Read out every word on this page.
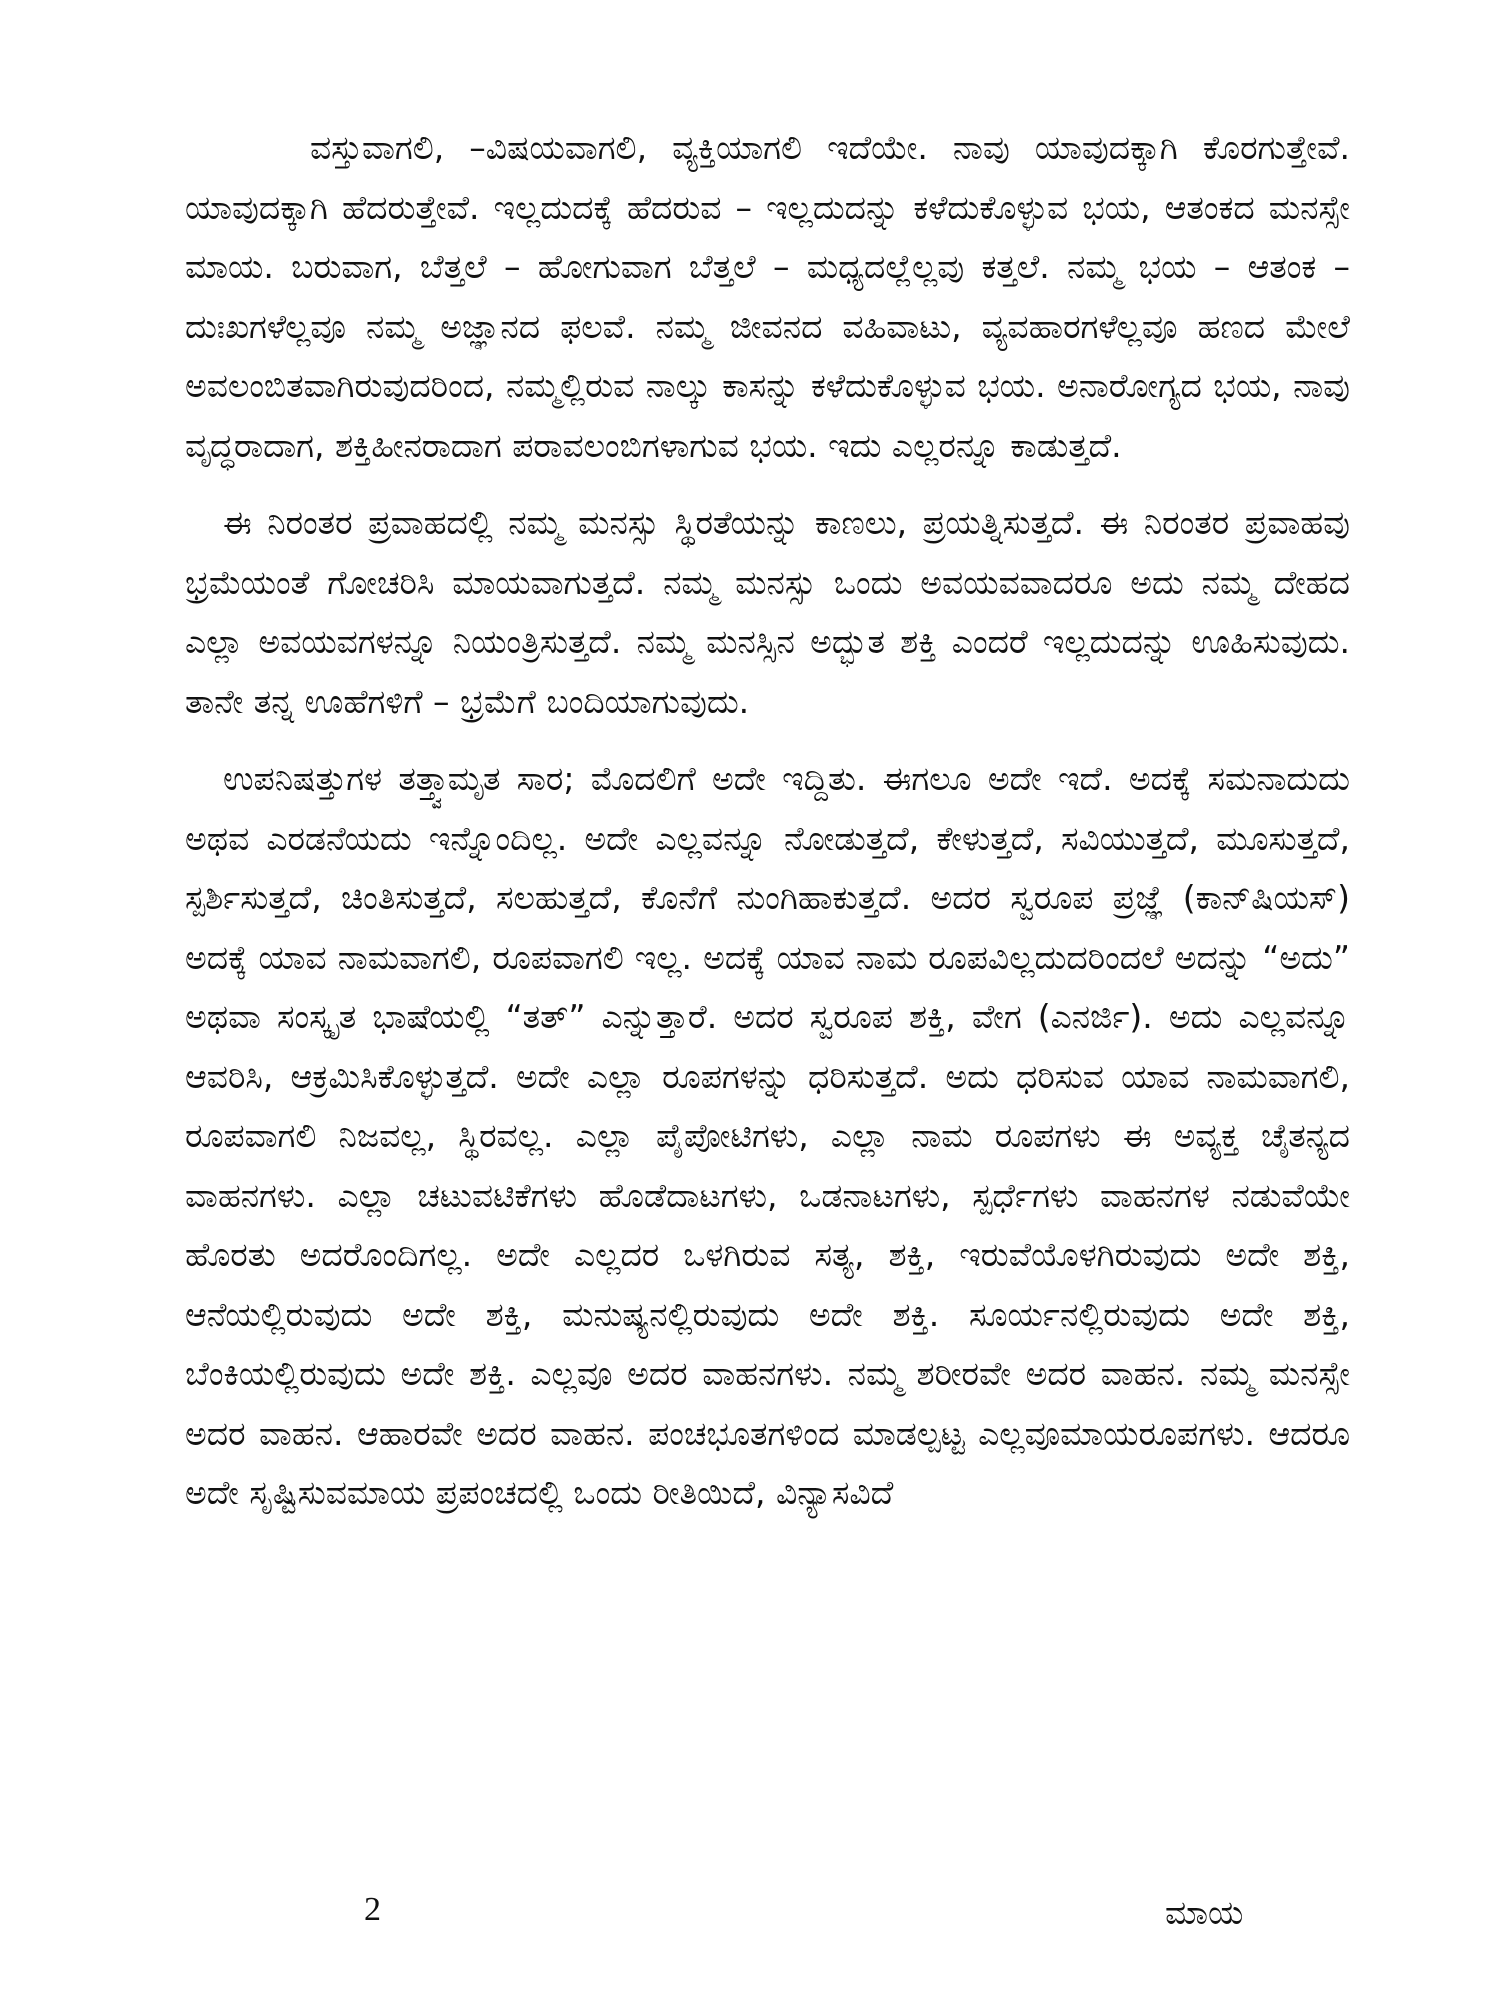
ವಸ್ತುವಾಗಲಿ, –ವಿಷಯವಾಗಲಿ, ವ್ಯಕ್ತಿಯಾಗಲಿ ಇದೆಯೇ. ನಾವು ಯಾವುದಕ್ಕಾಗಿ ಕೊರಗುತ್ತೇವೆ. ಯಾವುದಕ್ಕಾಗಿ ಹೆದರುತ್ತೇವೆ. ಇಲ್ಲದುದಕ್ಕೆ ಹೆದರುವ – ಇಲ್ಲದುದನ್ನು ಕಳೆದುಕೊಳ್ಳುವ ಭಯ, ಆತಂಕದ ಮನಸ್ಸೇ ಮಾಯ. ಬರುವಾಗ, ಬೆತ್ತಲೆ – ಹೋಗುವಾಗ ಬೆತ್ತಲೆ – ಮಧ್ಯದಲ್ಲೆಲ್ಲವು ಕತ್ತಲೆ. ನಮ್ಮ ಭಯ – ಆತಂಕ – ದುಃಖಗಳೆಲ್ಲವೂ ನಮ್ಮ ಅಜ್ಞಾನದ ಫಲವೆ. ನಮ್ಮ ಜೀವನದ ವಹಿವಾಟು, ವ್ಯವಹಾರಗಳೆಲ್ಲವೂ ಹಣದ ಮೇಲೆ ಅವಲಂಬಿತವಾಗಿರುವುದರಿಂದ, ನಮ್ಮಲ್ಲಿರುವ ನಾಲ್ಕು ಕಾಸನ್ನು ಕಳೆದುಕೊಳ್ಳುವ ಭಯ. ಅನಾರೋಗ್ಯದ ಭಯ, ನಾವು ವೃದ್ಧರಾದಾಗ, ಶಕ್ತಿಹೀನರಾದಾಗ ಪರಾವಲಂಬಿಗಳಾಗುವ ಭಯ. ಇದು ಎಲ್ಲರನ್ನೂ ಕಾಡುತ್ತದೆ.

ಈ ನಿರಂತರ ಪ್ರವಾಹದಲ್ಲಿ ನಮ್ಮ ಮನಸ್ಸು ಸ್ಥಿರತೆಯನ್ನು ಕಾಣಲು, ಪ್ರಯತ್ನಿಸುತ್ತದೆ. ಈ ನಿರಂತರ ಪ್ರವಾಹವು ಭ್ರಮೆಯಂತೆ ಗೋಚರಿಸಿ ಮಾಯವಾಗುತ್ತದೆ. ನಮ್ಮ ಮನಸ್ಸು ಒಂದು ಅವಯವವಾದರೂ ಅದು ನಮ್ಮ ದೇಹದ ಎಲ್ಲಾ ಅವಯವಗಳನ್ನೂ ನಿಯಂತ್ರಿಸುತ್ತದೆ. ನಮ್ಮ ಮನಸ್ಸಿನ ಅದ್ಭುತ ಶಕ್ತಿ ಎಂದರೆ ಇಲ್ಲದುದನ್ನು ಊಹಿಸುವುದು. ತಾನೇ ತನ್ನ ಊಹೆಗಳಿಗೆ – ಭ್ರಮೆಗೆ ಬಂದಿಯಾಗುವುದು.

ಉಪನಿಷತ್ತುಗಳ ತತ್ತ್ವಾಮೃತ ಸಾರ; ಮೊದಲಿಗೆ ಅದೇ ಇದ್ದಿತು. ಈಗಲೂ ಅದೇ ಇದೆ. ಅದಕ್ಕೆ ಸಮನಾದುದು ಅಥವ ಎರಡನೆಯದು ಇನ್ನೊಂದಿಲ್ಲ. ಅದೇ ಎಲ್ಲವನ್ನೂ ನೋಡುತ್ತದೆ, ಕೇಳುತ್ತದೆ, ಸವಿಯುತ್ತದೆ, ಮೂಸುತ್ತದೆ, ಸ್ಪರ್ಶಿಸುತ್ತದೆ, ಚಿಂತಿಸುತ್ತದೆ, ಸಲಹುತ್ತದೆ, ಕೊನೆಗೆ ನುಂಗಿಹಾಕುತ್ತದೆ. ಅದರ ಸ್ವರೂಪ ಪ್ರಜ್ಞೆ (ಕಾನ್‌ಷಿಯಸ್) ಅದಕ್ಕೆ ಯಾವ ನಾಮವಾಗಲಿ, ರೂಪವಾಗಲಿ ಇಲ್ಲ. ಅದಕ್ಕೆ ಯಾವ ನಾಮ ರೂಪವಿಲ್ಲದುದರಿಂದಲೆ ಅದನ್ನು “ಅದು” ಅಥವಾ ಸಂಸ್ಕೃತ ಭಾಷೆಯಲ್ಲಿ “ತತ್” ಎನ್ನುತ್ತಾರೆ. ಅದರ ಸ್ವರೂಪ ಶಕ್ತಿ, ವೇಗ (ಎನರ್ಜಿ). ಅದು ಎಲ್ಲವನ್ನೂ ಆವರಿಸಿ, ಆಕ್ರಮಿಸಿಕೊಳ್ಳುತ್ತದೆ. ಅದೇ ಎಲ್ಲಾ ರೂಪಗಳನ್ನು ಧರಿಸುತ್ತದೆ. ಅದು ಧರಿಸುವ ಯಾವ ನಾಮವಾಗಲಿ, ರೂಪವಾಗಲಿ ನಿಜವಲ್ಲ, ಸ್ಥಿರವಲ್ಲ. ಎಲ್ಲಾ ಪೈಪೋಟಿಗಳು, ಎಲ್ಲಾ ನಾಮ ರೂಪಗಳು ಈ ಅವ್ಯಕ್ತ ಚೈತನ್ಯದ ವಾಹನಗಳು. ಎಲ್ಲಾ ಚಟುವಟಿಕೆಗಳು ಹೊಡೆದಾಟಗಳು, ಒಡನಾಟಗಳು, ಸ್ಪರ್ಧೆಗಳು ವಾಹನಗಳ ನಡುವೆಯೇ ಹೊರತು ಅದರೊಂದಿಗಲ್ಲ. ಅದೇ ಎಲ್ಲದರ ಒಳಗಿರುವ ಸತ್ಯ, ಶಕ್ತಿ, ಇರುವೆಯೊಳಗಿರುವುದು ಅದೇ ಶಕ್ತಿ, ಆನೆಯಲ್ಲಿರುವುದು ಅದೇ ಶಕ್ತಿ, ಮನುಷ್ಯನಲ್ಲಿರುವುದು ಅದೇ ಶಕ್ತಿ. ಸೂರ್ಯನಲ್ಲಿರುವುದು ಅದೇ ಶಕ್ತಿ, ಬೆಂಕಿಯಲ್ಲಿರುವುದು ಅದೇ ಶಕ್ತಿ. ಎಲ್ಲವೂ ಅದರ ವಾಹನಗಳು. ನಮ್ಮ ಶರೀರವೇ ಅದರ ವಾಹನ. ನಮ್ಮ ಮನಸ್ಸೇ ಅದರ ವಾಹನ. ಆಹಾರವೇ ಅದರ ವಾಹನ. ಪಂಚಭೂತಗಳಿಂದ ಮಾಡಲ್ಪಟ್ಟ ಎಲ್ಲವೂಮಾಯರೂಪಗಳು. ಆದರೂ ಅದೇ ಸೃಷ್ಟಿಸುವಮಾಯ ಪ್ರಪಂಚದಲ್ಲಿ ಒಂದು ರೀತಿಯಿದೆ, ವಿನ್ಯಾಸವಿದೆ

2	ಮಾಯ
